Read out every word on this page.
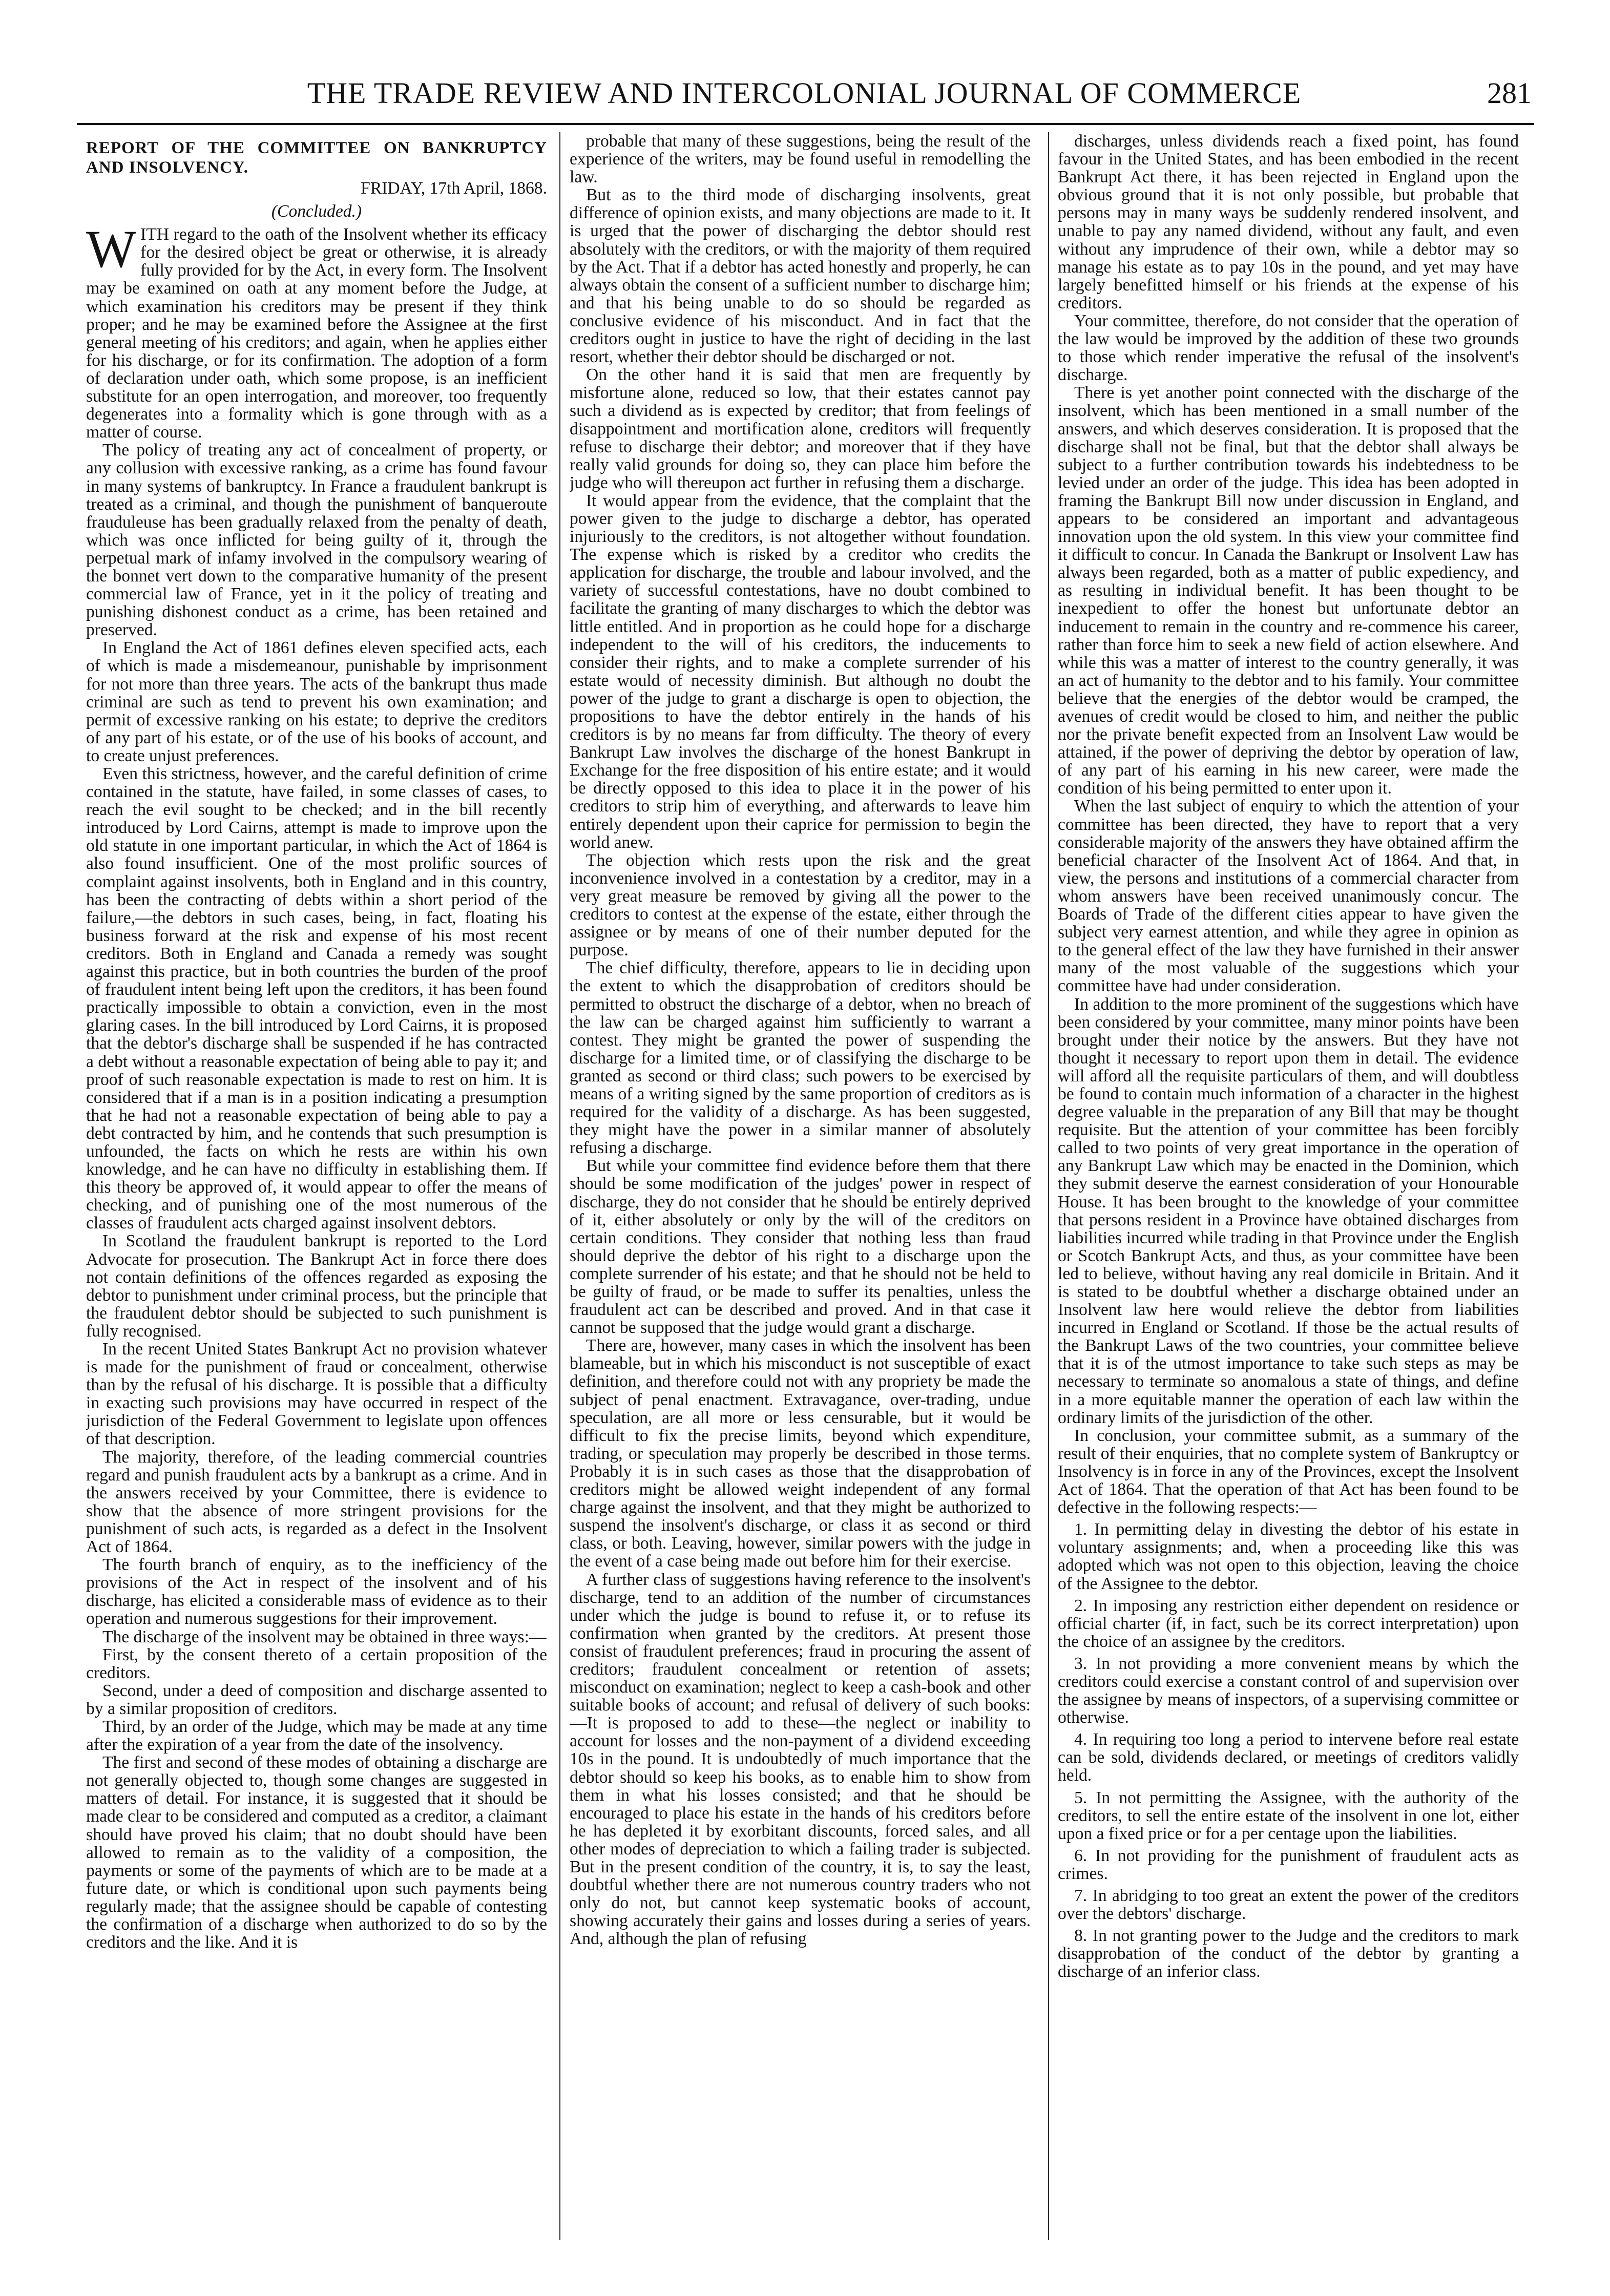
THE TRADE REVIEW AND INTERCOLONIAL JOURNAL OF COMMERCE	281

REPORT OF THE COMMITTEE ON BANKRUPTCY AND INSOLVENCY.

FRIDAY, 17th April, 1868.

(Concluded.)

WITH regard to the oath of the Insolvent whether its efficacy for the desired object be great or otherwise, it is already fully provided for by the Act, in every form. The Insolvent may be examined on oath at any moment before the Judge, at which examination his creditors may be present if they think proper; and he may be examined before the Assignee at the first general meeting of his creditors; and again, when he applies either for his discharge, or for its confirmation. The adoption of a form of declaration under oath, which some propose, is an inefficient substitute for an open interrogation, and moreover, too frequently degenerates into a formality which is gone through with as a matter of course.

The policy of treating any act of concealment of property, or any collusion with excessive ranking, as a crime has found favour in many systems of bankruptcy. In France a fraudulent bankrupt is treated as a criminal, and though the punishment of banqueroute frauduleuse has been gradually relaxed from the penalty of death, which was once inflicted for being guilty of it, through the perpetual mark of infamy involved in the compulsory wearing of the bonnet vert down to the comparative humanity of the present commercial law of France, yet in it the policy of treating and punishing dishonest conduct as a crime, has been retained and preserved.

In England the Act of 1861 defines eleven specified acts, each of which is made a misdemeanour, punishable by imprisonment for not more than three years. The acts of the bankrupt thus made criminal are such as tend to prevent his own examination; and permit of excessive ranking on his estate; to deprive the creditors of any part of his estate, or of the use of his books of account, and to create unjust preferences.

Even this strictness, however, and the careful definition of crime contained in the statute, have failed, in some classes of cases, to reach the evil sought to be checked; and in the bill recently introduced by Lord Cairns, attempt is made to improve upon the old statute in one important particular, in which the Act of 1864 is also found insufficient. One of the most prolific sources of complaint against insolvents, both in England and in this country, has been the contracting of debts within a short period of the failure,—the debtors in such cases, being, in fact, floating his business forward at the risk and expense of his most recent creditors. Both in England and Canada a remedy was sought against this practice, but in both countries the burden of the proof of fraudulent intent being left upon the creditors, it has been found practically impossible to obtain a conviction, even in the most glaring cases. In the bill introduced by Lord Cairns, it is proposed that the debtor's discharge shall be suspended if he has contracted a debt without a reasonable expectation of being able to pay it; and proof of such reasonable expectation is made to rest on him. It is considered that if a man is in a position indicating a presumption that he had not a reasonable expectation of being able to pay a debt contracted by him, and he contends that such presumption is unfounded, the facts on which he rests are within his own knowledge, and he can have no difficulty in establishing them. If this theory be approved of, it would appear to offer the means of checking, and of punishing one of the most numerous of the classes of fraudulent acts charged against insolvent debtors.

In Scotland the fraudulent bankrupt is reported to the Lord Advocate for prosecution. The Bankrupt Act in force there does not contain definitions of the offences regarded as exposing the debtor to punishment under criminal process, but the principle that the fraudulent debtor should be subjected to such punishment is fully recognised.

In the recent United States Bankrupt Act no provision whatever is made for the punishment of fraud or concealment, otherwise than by the refusal of his discharge. It is possible that a difficulty in exacting such provisions may have occurred in respect of the jurisdiction of the Federal Government to legislate upon offences of that description.

The majority, therefore, of the leading commercial countries regard and punish fraudulent acts by a bankrupt as a crime. And in the answers received by your Committee, there is evidence to show that the absence of more stringent provisions for the punishment of such acts, is regarded as a defect in the Insolvent Act of 1864.

The fourth branch of enquiry, as to the inefficiency of the provisions of the Act in respect of the insolvent and of his discharge, has elicited a considerable mass of evidence as to their operation and numerous suggestions for their improvement.

The discharge of the insolvent may be obtained in three ways:—

First, by the consent thereto of a certain proposition of the creditors.

Second, under a deed of composition and discharge assented to by a similar proposition of creditors.

Third, by an order of the Judge, which may be made at any time after the expiration of a year from the date of the insolvency.

The first and second of these modes of obtaining a discharge are not generally objected to, though some changes are suggested in matters of detail. For instance, it is suggested that it should be made clear to be considered and computed as a creditor, a claimant should have proved his claim; that no doubt should have been allowed to remain as to the validity of a composition, the payments or some of the payments of which are to be made at a future date, or which is conditional upon such payments being regularly made; that the assignee should be capable of contesting the confirmation of a discharge when authorized to do so by the creditors and the like. And it is

probable that many of these suggestions, being the result of the experience of the writers, may be found useful in remodelling the law.

But as to the third mode of discharging insolvents, great difference of opinion exists, and many objections are made to it. It is urged that the power of discharging the debtor should rest absolutely with the creditors, or with the majority of them required by the Act. That if a debtor has acted honestly and properly, he can always obtain the consent of a sufficient number to discharge him; and that his being unable to do so should be regarded as conclusive evidence of his misconduct. And in fact that the creditors ought in justice to have the right of deciding in the last resort, whether their debtor should be discharged or not.

On the other hand it is said that men are frequently by misfortune alone, reduced so low, that their estates cannot pay such a dividend as is expected by creditor; that from feelings of disappointment and mortification alone, creditors will frequently refuse to discharge their debtor; and moreover that if they have really valid grounds for doing so, they can place him before the judge who will thereupon act further in refusing them a discharge.

It would appear from the evidence, that the complaint that the power given to the judge to discharge a debtor, has operated injuriously to the creditors, is not altogether without foundation. The expense which is risked by a creditor who credits the application for discharge, the trouble and labour involved, and the variety of successful contestations, have no doubt combined to facilitate the granting of many discharges to which the debtor was little entitled. And in proportion as he could hope for a discharge independent to the will of his creditors, the inducements to consider their rights, and to make a complete surrender of his estate would of necessity diminish. But although no doubt the power of the judge to grant a discharge is open to objection, the propositions to have the debtor entirely in the hands of his creditors is by no means far from difficulty. The theory of every Bankrupt Law involves the discharge of the honest Bankrupt in Exchange for the free disposition of his entire estate; and it would be directly opposed to this idea to place it in the power of his creditors to strip him of everything, and afterwards to leave him entirely dependent upon their caprice for permission to begin the world anew.

The objection which rests upon the risk and the great inconvenience involved in a contestation by a creditor, may in a very great measure be removed by giving all the power to the creditors to contest at the expense of the estate, either through the assignee or by means of one of their number deputed for the purpose.

The chief difficulty, therefore, appears to lie in deciding upon the extent to which the disapprobation of creditors should be permitted to obstruct the discharge of a debtor, when no breach of the law can be charged against him sufficiently to warrant a contest. They might be granted the power of suspending the discharge for a limited time, or of classifying the discharge to be granted as second or third class; such powers to be exercised by means of a writing signed by the same proportion of creditors as is required for the validity of a discharge. As has been suggested, they might have the power in a similar manner of absolutely refusing a discharge.

But while your committee find evidence before them that there should be some modification of the judges' power in respect of discharge, they do not consider that he should be entirely deprived of it, either absolutely or only by the will of the creditors on certain conditions. They consider that nothing less than fraud should deprive the debtor of his right to a discharge upon the complete surrender of his estate; and that he should not be held to be guilty of fraud, or be made to suffer its penalties, unless the fraudulent act can be described and proved. And in that case it cannot be supposed that the judge would grant a discharge.

There are, however, many cases in which the insolvent has been blameable, but in which his misconduct is not susceptible of exact definition, and therefore could not with any propriety be made the subject of penal enactment. Extravagance, over-trading, undue speculation, are all more or less censurable, but it would be difficult to fix the precise limits, beyond which expenditure, trading, or speculation may properly be described in those terms. Probably it is in such cases as those that the disapprobation of creditors might be allowed weight independent of any formal charge against the insolvent, and that they might be authorized to suspend the insolvent's discharge, or class it as second or third class, or both. Leaving, however, similar powers with the judge in the event of a case being made out before him for their exercise.

A further class of suggestions having reference to the insolvent's discharge, tend to an addition of the number of circumstances under which the judge is bound to refuse it, or to refuse its confirmation when granted by the creditors. At present those consist of fraudulent preferences; fraud in procuring the assent of creditors; fraudulent concealment or retention of assets; misconduct on examination; neglect to keep a cash-book and other suitable books of account; and refusal of delivery of such books:—It is proposed to add to these—the neglect or inability to account for losses and the non-payment of a dividend exceeding 10s in the pound. It is undoubtedly of much importance that the debtor should so keep his books, as to enable him to show from them in what his losses consisted; and that he should be encouraged to place his estate in the hands of his creditors before he has depleted it by exorbitant discounts, forced sales, and all other modes of depreciation to which a failing trader is subjected. But in the present condition of the country, it is, to say the least, doubtful whether there are not numerous country traders who not only do not, but cannot keep systematic books of account, showing accurately their gains and losses during a series of years. And, although the plan of refusing

discharges, unless dividends reach a fixed point, has found favour in the United States, and has been embodied in the recent Bankrupt Act there, it has been rejected in England upon the obvious ground that it is not only possible, but probable that persons may in many ways be suddenly rendered insolvent, and unable to pay any named dividend, without any fault, and even without any imprudence of their own, while a debtor may so manage his estate as to pay 10s in the pound, and yet may have largely benefitted himself or his friends at the expense of his creditors.

Your committee, therefore, do not consider that the operation of the law would be improved by the addition of these two grounds to those which render imperative the refusal of the insolvent's discharge.

There is yet another point connected with the discharge of the insolvent, which has been mentioned in a small number of the answers, and which deserves consideration. It is proposed that the discharge shall not be final, but that the debtor shall always be subject to a further contribution towards his indebtedness to be levied under an order of the judge. This idea has been adopted in framing the Bankrupt Bill now under discussion in England, and appears to be considered an important and advantageous innovation upon the old system. In this view your committee find it difficult to concur. In Canada the Bankrupt or Insolvent Law has always been regarded, both as a matter of public expediency, and as resulting in individual benefit. It has been thought to be inexpedient to offer the honest but unfortunate debtor an inducement to remain in the country and re-commence his career, rather than force him to seek a new field of action elsewhere. And while this was a matter of interest to the country generally, it was an act of humanity to the debtor and to his family. Your committee believe that the energies of the debtor would be cramped, the avenues of credit would be closed to him, and neither the public nor the private benefit expected from an Insolvent Law would be attained, if the power of depriving the debtor by operation of law, of any part of his earning in his new career, were made the condition of his being permitted to enter upon it.

When the last subject of enquiry to which the attention of your committee has been directed, they have to report that a very considerable majority of the answers they have obtained affirm the beneficial character of the Insolvent Act of 1864. And that, in view, the persons and institutions of a commercial character from whom answers have been received unanimously concur. The Boards of Trade of the different cities appear to have given the subject very earnest attention, and while they agree in opinion as to the general effect of the law they have furnished in their answer many of the most valuable of the suggestions which your committee have had under consideration.

In addition to the more prominent of the suggestions which have been considered by your committee, many minor points have been brought under their notice by the answers. But they have not thought it necessary to report upon them in detail. The evidence will afford all the requisite particulars of them, and will doubtless be found to contain much information of a character in the highest degree valuable in the preparation of any Bill that may be thought requisite. But the attention of your committee has been forcibly called to two points of very great importance in the operation of any Bankrupt Law which may be enacted in the Dominion, which they submit deserve the earnest consideration of your Honourable House. It has been brought to the knowledge of your committee that persons resident in a Province have obtained discharges from liabilities incurred while trading in that Province under the English or Scotch Bankrupt Acts, and thus, as your committee have been led to believe, without having any real domicile in Britain. And it is stated to be doubtful whether a discharge obtained under an Insolvent law here would relieve the debtor from liabilities incurred in England or Scotland. If those be the actual results of the Bankrupt Laws of the two countries, your committee believe that it is of the utmost importance to take such steps as may be necessary to terminate so anomalous a state of things, and define in a more equitable manner the operation of each law within the ordinary limits of the jurisdiction of the other.

In conclusion, your committee submit, as a summary of the result of their enquiries, that no complete system of Bankruptcy or Insolvency is in force in any of the Provinces, except the Insolvent Act of 1864. That the operation of that Act has been found to be defective in the following respects:—

1. In permitting delay in divesting the debtor of his estate in voluntary assignments; and, when a proceeding like this was adopted which was not open to this objection, leaving the choice of the Assignee to the debtor.

2. In imposing any restriction either dependent on residence or official charter (if, in fact, such be its correct interpretation) upon the choice of an assignee by the creditors.

3. In not providing a more convenient means by which the creditors could exercise a constant control of and supervision over the assignee by means of inspectors, of a supervising committee or otherwise.

4. In requiring too long a period to intervene before real estate can be sold, dividends declared, or meetings of creditors validly held.

5. In not permitting the Assignee, with the authority of the creditors, to sell the entire estate of the insolvent in one lot, either upon a fixed price or for a per centage upon the liabilities.

6. In not providing for the punishment of fraudulent acts as crimes.

7. In abridging to too great an extent the power of the creditors over the debtors' discharge.

8. In not granting power to the Judge and the creditors to mark disapprobation of the conduct of the debtor by granting a discharge of an inferior class.
